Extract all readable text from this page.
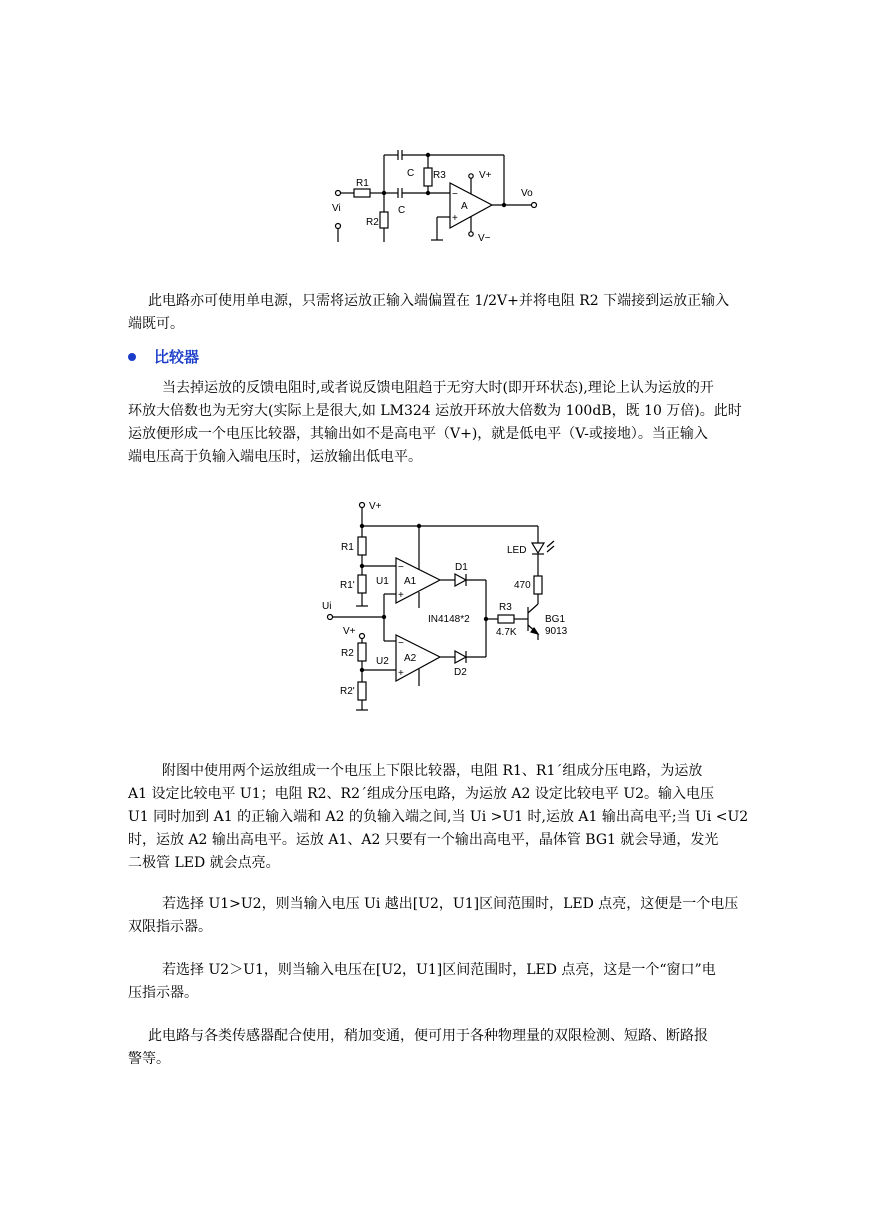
R1
Vi
R2
C
C
R3	V+
V−
Vo
A
−
+
此电路亦可使用单电源，只需将运放正输入端偏置在 1/2V+并将电阻 R2 下端接到运放正输入
端既可。
比较器
当去掉运放的反馈电阻时,或者说反馈电阻趋于无穷大时(即开环状态),理论上认为运放的开
环放大倍数也为无穷大(实际上是很大,如 LM324 运放开环放大倍数为 100dB，既 10 万倍)。此时
运放便形成一个电压比较器，其输出如不是高电平（V+)，就是低电平（V-或接地）。当正输入
端电压高于负输入端电压时，运放输出低电平。
V+
R1
R1' U1 A1
−
+
D1
Ui
IN4148*2
R3
4.7K
V+
R2
U2 A2
−
+	D2
R2'
LED
470
BG1
9013
附图中使用两个运放组成一个电压上下限比较器，电阻 R1、R1ˊ组成分压电路，为运放
A1 设定比较电平 U1；电阻 R2、R2ˊ组成分压电路，为运放 A2 设定比较电平 U2。输入电压
U1 同时加到 A1 的正输入端和 A2 的负输入端之间,当 Ui >U1 时,运放 A1 输出高电平;当 Ui <U2
时，运放 A2 输出高电平。运放 A1、A2 只要有一个输出高电平，晶体管 BG1 就会导通，发光
二极管 LED 就会点亮。
若选择 U1>U2，则当输入电压 Ui 越出[U2，U1]区间范围时，LED 点亮，这便是一个电压
双限指示器。
若选择 U2＞U1，则当输入电压在[U2，U1]区间范围时，LED 点亮，这是一个“窗口”电
压指示器。
此电路与各类传感器配合使用，稍加变通，便可用于各种物理量的双限检测、短路、断路报
警等。
